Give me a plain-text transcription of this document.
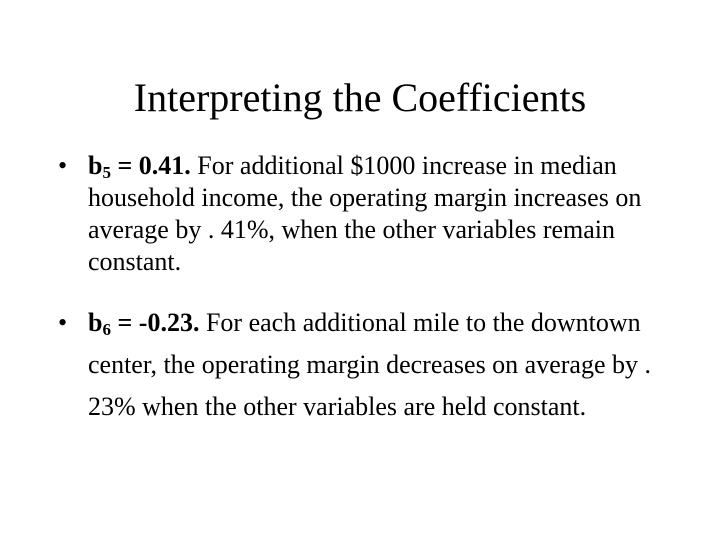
Interpreting the Coefficients
• $b_5 = 0.41$. For additional $1000 increase in median household income, the operating margin increases on average by . 41%, when the other variables remain constant.
• $b_6 = -0.23$. For each additional mile to the downtown center, the operating margin decreases on average by . 23% when the other variables are held constant.
